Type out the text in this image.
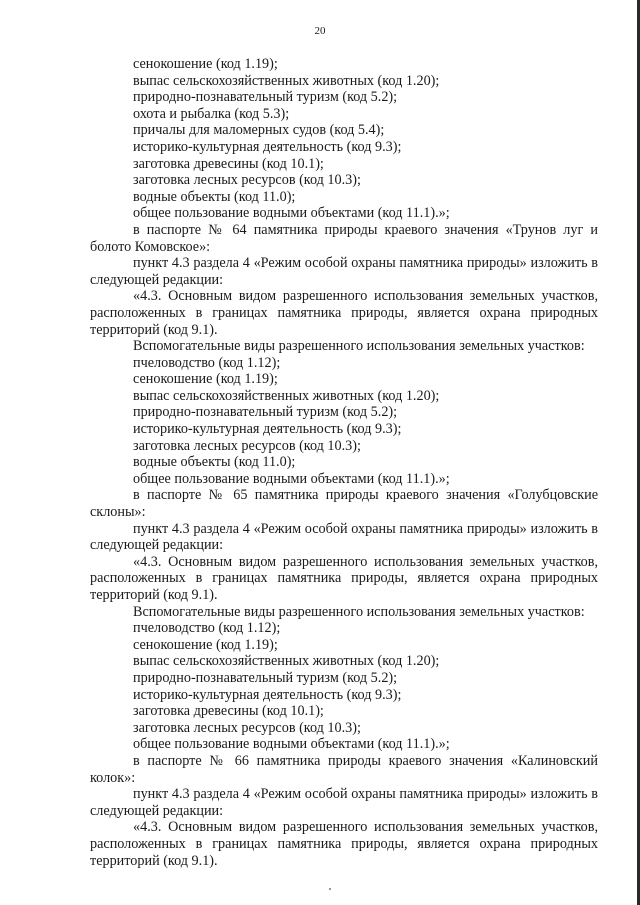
20

сенокошение (код 1.19);

выпас сельскохозяйственных животных (код 1.20);

природно-познавательный туризм (код 5.2);

охота и рыбалка (код 5.3);

причалы для маломерных судов (код 5.4);

историко-культурная деятельность (код 9.3);

заготовка древесины (код 10.1);

заготовка лесных ресурсов (код 10.3);

водные объекты (код 11.0);

общее пользование водными объектами (код 11.1).»;

в паспорте № 64 памятника природы краевого значения «Трунов луг и болото Комовское»:

пункт 4.3 раздела 4 «Режим особой охраны памятника природы» изложить в следующей редакции:

«4.3. Основным видом разрешенного использования земельных участков, расположенных в границах памятника природы, является охрана природных территорий (код 9.1).

Вспомогательные виды разрешенного использования земельных участков:

пчеловодство (код 1.12);

сенокошение (код 1.19);

выпас сельскохозяйственных животных (код 1.20);

природно-познавательный туризм (код 5.2);

историко-культурная деятельность (код 9.3);

заготовка лесных ресурсов (код 10.3);

водные объекты (код 11.0);

общее пользование водными объектами (код 11.1).»;

в паспорте № 65 памятника природы краевого значения «Голубцовские склоны»:

пункт 4.3 раздела 4 «Режим особой охраны памятника природы» изложить в следующей редакции:

«4.3. Основным видом разрешенного использования земельных участков, расположенных в границах памятника природы, является охрана природных территорий (код 9.1).

Вспомогательные виды разрешенного использования земельных участков:

пчеловодство (код 1.12);

сенокошение (код 1.19);

выпас сельскохозяйственных животных (код 1.20);

природно-познавательный туризм (код 5.2);

историко-культурная деятельность (код 9.3);

заготовка древесины (код 10.1);

заготовка лесных ресурсов (код 10.3);

общее пользование водными объектами (код 11.1).»;

в паспорте № 66 памятника природы краевого значения «Калиновский колок»:

пункт 4.3 раздела 4 «Режим особой охраны памятника природы» изложить в следующей редакции:

«4.3. Основным видом разрешенного использования земельных участков, расположенных в границах памятника природы, является охрана природных территорий (код 9.1).
